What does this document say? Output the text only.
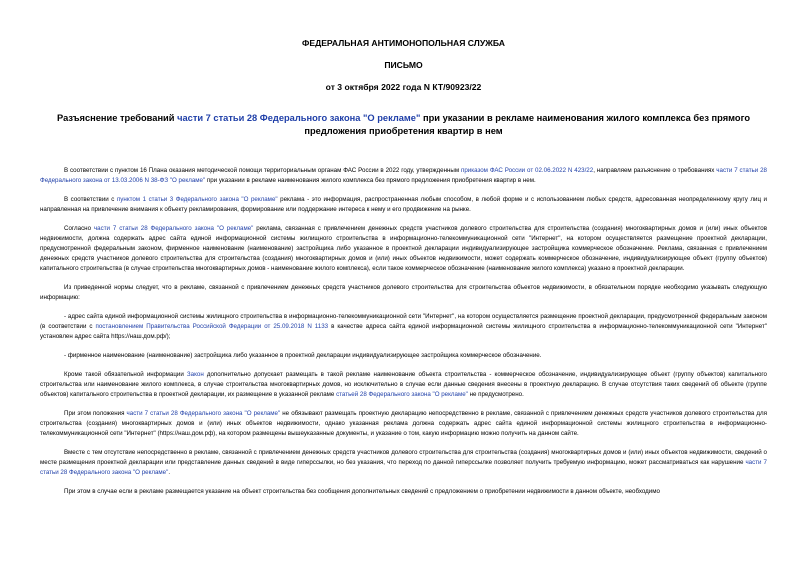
ФЕДЕРАЛЬНАЯ АНТИМОНОПОЛЬНАЯ СЛУЖБА
ПИСЬМО
от 3 октября 2022 года N КТ/90923/22
Разъяснение требований части 7 статьи 28 Федерального закона "О рекламе" при указании в рекламе наименования жилого комплекса без прямого предложения приобретения квартир в нем

В соответствии с пунктом 16 Плана оказания методической помощи территориальным органам ФАС России в 2022 году, утвержденным приказом ФАС России от 02.06.2022 N 423/22, направляем разъяснение о требованиях части 7 статьи 28 Федерального закона от 13.03.2006 N 38-ФЗ "О рекламе" при указании в рекламе наименования жилого комплекса без прямого предложения приобретения квартир в нем.

В соответствии с пунктом 1 статьи 3 Федерального закона "О рекламе" реклама - это информация, распространенная любым способом, в любой форме и с использованием любых средств, адресованная неопределенному кругу лиц и направленная на привлечение внимания к объекту рекламирования, формирование или поддержание интереса к нему и его продвижение на рынке.

Согласно части 7 статьи 28 Федерального закона "О рекламе" реклама, связанная с привлечением денежных средств участников долевого строительства для строительства (создания) многоквартирных домов и (или) иных объектов недвижимости, должна содержать адрес сайта единой информационной системы жилищного строительства в информационно-телекоммуникационной сети "Интернет", на котором осуществляется размещение проектной декларации, предусмотренной федеральным законом, фирменное наименование (наименование) застройщика либо указанное в проектной декларации индивидуализирующее застройщика коммерческое обозначение. Реклама, связанная с привлечением денежных средств участников долевого строительства для строительства (создания) многоквартирных домов и (или) иных объектов недвижимости, может содержать коммерческое обозначение, индивидуализирующее объект (группу объектов) капитального строительства (в случае строительства многоквартирных домов - наименование жилого комплекса), если такое коммерческое обозначение (наименование жилого комплекса) указано в проектной декларации.

Из приведенной нормы следует, что в рекламе, связанной с привлечением денежных средств участников долевого строительства для строительства объектов недвижимости, в обязательном порядке необходимо указывать следующую информацию:

- адрес сайта единой информационной системы жилищного строительства в информационно-телекоммуникационной сети "Интернет", на котором осуществляется размещение проектной декларации, предусмотренной федеральным законом (в соответствии с постановлением Правительства Российской Федерации от 25.09.2018 N 1133 в качестве адреса сайта единой информационной системы жилищного строительства в информационно-телекоммуникационной сети "Интернет" установлен адрес сайта https://наш.дом.рф/);

- фирменное наименование (наименование) застройщика либо указанное в проектной декларации индивидуализирующее застройщика коммерческое обозначение.

Кроме такой обязательной информации Закон дополнительно допускает размещать в такой рекламе наименование объекта строительства - коммерческое обозначение, индивидуализирующее объект (группу объектов) капитального строительства или наименование жилого комплекса, в случае строительства многоквартирных домов, но исключительно в случае если данные сведения внесены в проектную декларацию. В случае отсутствия таких сведений об объекте (группе объектов) капитального строительства в проектной декларации, их размещение в указанной рекламе статьей 28 Федерального закона "О рекламе" не предусмотрено.

При этом положения части 7 статьи 28 Федерального закона "О рекламе" не обязывают размещать проектную декларацию непосредственно в рекламе, связанной с привлечением денежных средств участников долевого строительства для строительства (создания) многоквартирных домов и (или) иных объектов недвижимости, однако указанная реклама должна содержать адрес сайта единой информационной системы жилищного строительства в информационно-телекоммуникационной сети "Интернет" (https://наш.дом.рф), на котором размещены вышеуказанные документы, и указание о том, какую информацию можно получить на данном сайте.

Вместе с тем отсутствие непосредственно в рекламе, связанной с привлечением денежных средств участников долевого строительства для строительства (создания) многоквартирных домов и (или) иных объектов недвижимости, сведений о месте размещения проектной декларации или представление данных сведений в виде гиперссылки, но без указания, что переход по данной гиперссылке позволяет получить требуемую информацию, может рассматриваться как нарушение части 7 статьи 28 Федерального закона "О рекламе".

При этом в случае если в рекламе размещается указание на объект строительства без сообщения дополнительных сведений с предложением о приобретении недвижимости в данном объекте, необходимо
